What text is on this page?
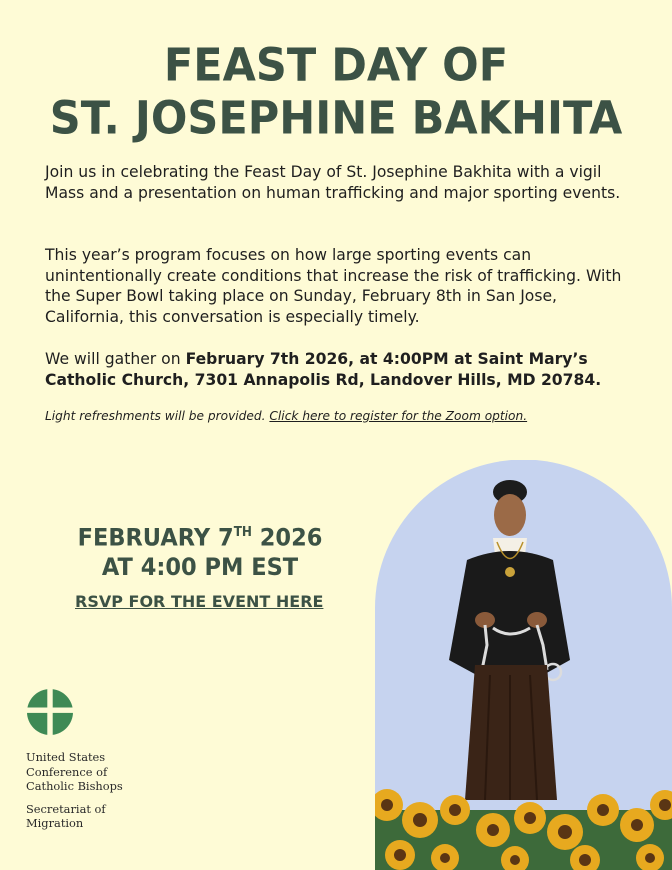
FEAST DAY OF
ST. JOSEPHINE BAKHITA

Join us in celebrating the Feast Day of St. Josephine Bakhita with a vigil Mass and a presentation on human trafficking and major sporting events.

This year’s program focuses on how large sporting events can unintentionally create conditions that increase the risk of trafficking. With the Super Bowl taking place on Sunday, February 8th in San Jose, California, this conversation is especially timely.

We will gather on February 7th 2026, at 4:00PM at Saint Mary’s Catholic Church, 7301 Annapolis Rd, Landover Hills, MD 20784.

Light refreshments will be provided. Click here to register for the Zoom option.

FEBRUARY 7TH 2026
AT 4:00 PM EST
RSVP FOR THE EVENT HERE
United States
Conference of
Catholic Bishops
Secretariat of
Migration
